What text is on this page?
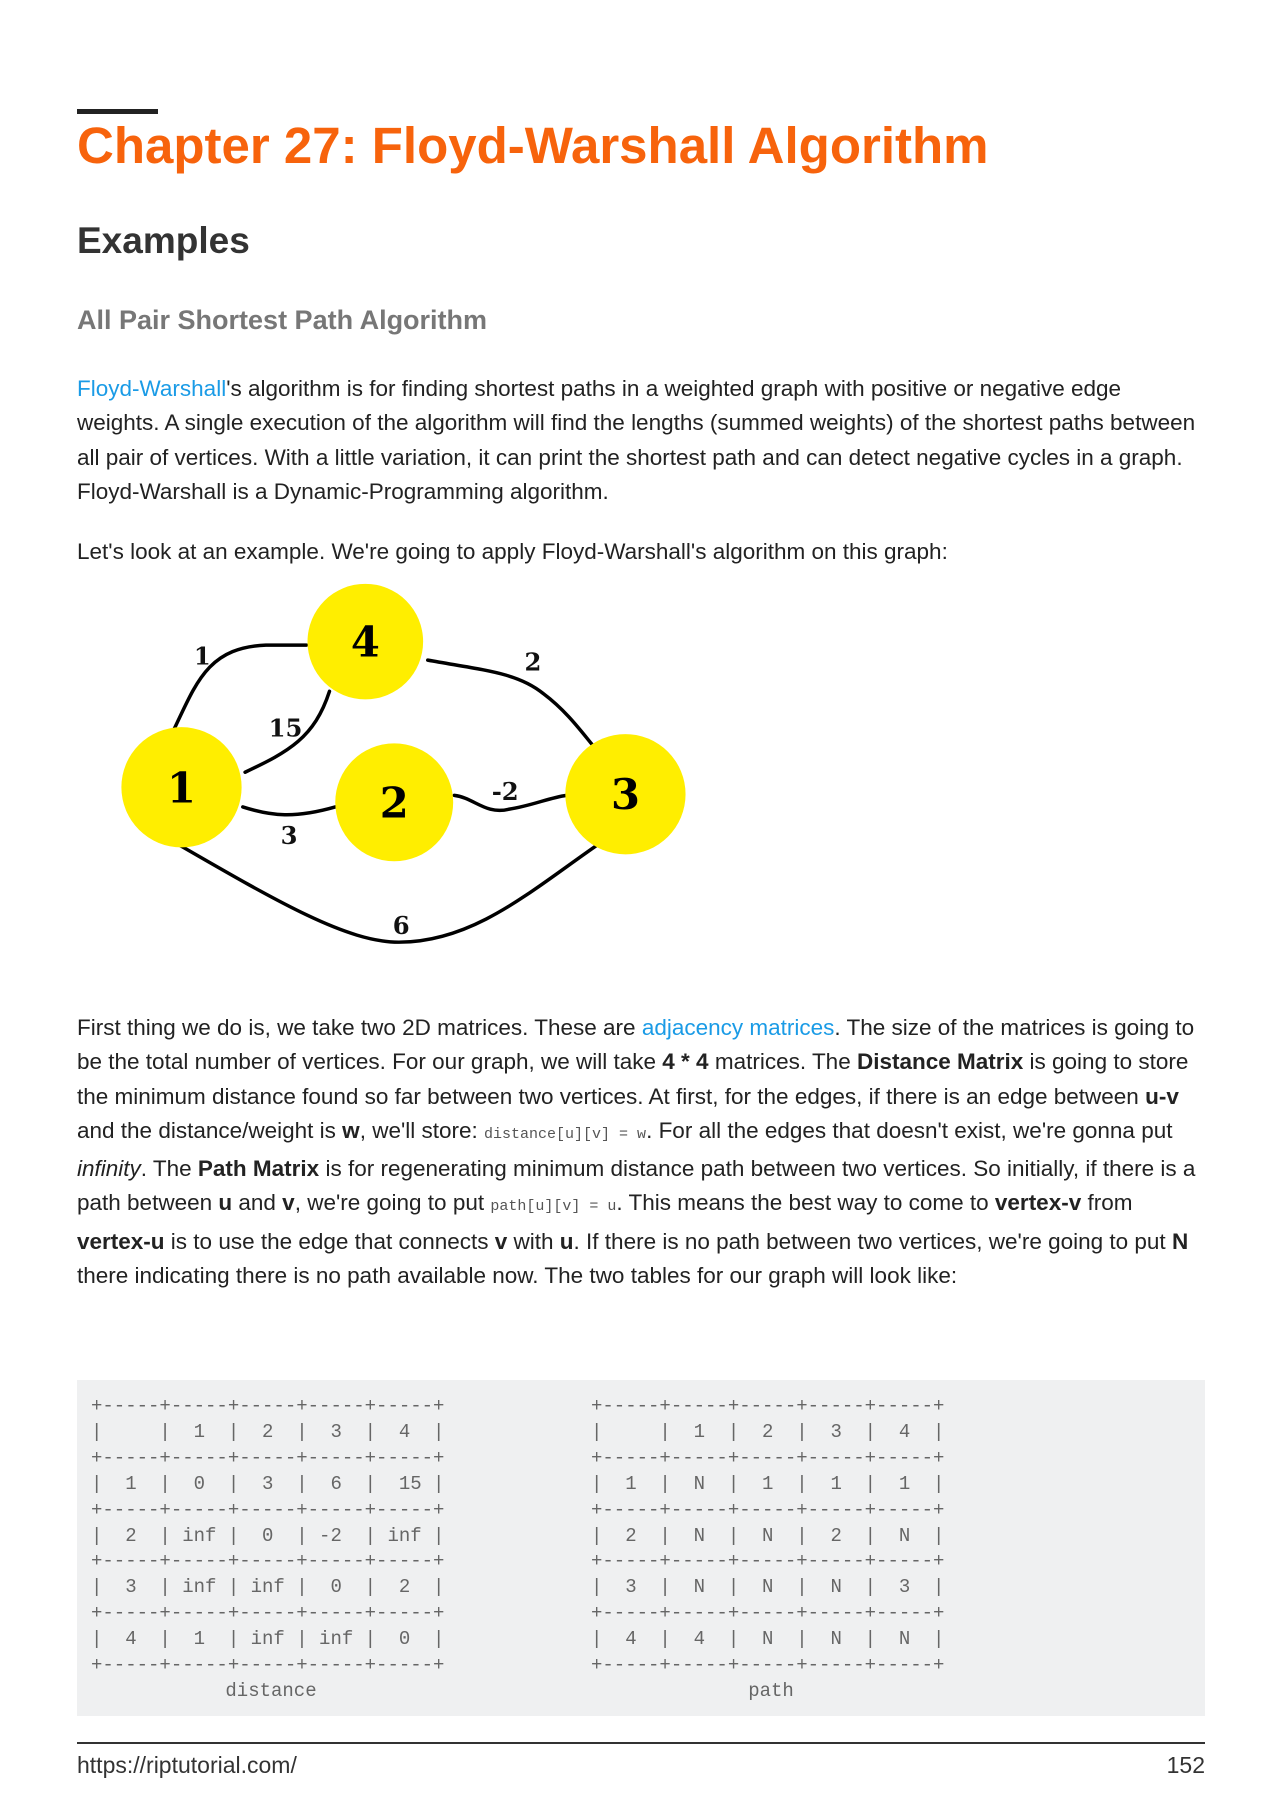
Chapter 27: Floyd-Warshall Algorithm
Examples
All Pair Shortest Path Algorithm

Floyd-Warshall's algorithm is for finding shortest paths in a weighted graph with positive or negative edge weights. A single execution of the algorithm will find the lengths (summed weights) of the shortest paths between all pair of vertices. With a little variation, it can print the shortest path and can detect negative cycles in a graph. Floyd-Warshall is a Dynamic-Programming algorithm.

Let's look at an example. We're going to apply Floyd-Warshall's algorithm on this graph:

1	2	3
4
1
15
2
3
-2
6

First thing we do is, we take two 2D matrices. These are adjacency matrices. The size of the matrices is going to be the total number of vertices. For our graph, we will take 4 * 4 matrices. The Distance Matrix is going to store the minimum distance found so far between two vertices. At first, for the edges, if there is an edge between u-v and the distance/weight is w, we'll store: distance[u][v] = w. For all the edges that doesn't exist, we're gonna put infinity. The Path Matrix is for regenerating minimum distance path between two vertices. So initially, if there is a path between u and v, we're going to put path[u][v] = u. This means the best way to come to vertex-v from vertex-u is to use the edge that connects v with u. If there is no path between two vertices, we're going to put N there indicating there is no path available now. The two tables for our graph will look like:

+-----+-----+-----+-----+-----+
|     |  1  |  2  |  3  |  4  |
+-----+-----+-----+-----+-----+
|  1  |  0  |  3  |  6  |  15 |
+-----+-----+-----+-----+-----+
|  2  | inf |  0  | -2  | inf |
+-----+-----+-----+-----+-----+
|  3  | inf | inf |  0  |  2  |
+-----+-----+-----+-----+-----+
|  4  |  1  | inf | inf |  0  |
+-----+-----+-----+-----+-----+
distance
+-----+-----+-----+-----+-----+
|     |  1  |  2  |  3  |  4  |
+-----+-----+-----+-----+-----+
|  1  |  N  |  1  |  1  |  1  |
+-----+-----+-----+-----+-----+
|  2  |  N  |  N  |  2  |  N  |
+-----+-----+-----+-----+-----+
|  3  |  N  |  N  |  N  |  3  |
+-----+-----+-----+-----+-----+
|  4  |  4  |  N  |  N  |  N  |
+-----+-----+-----+-----+-----+
path
https://riptutorial.com/	152
